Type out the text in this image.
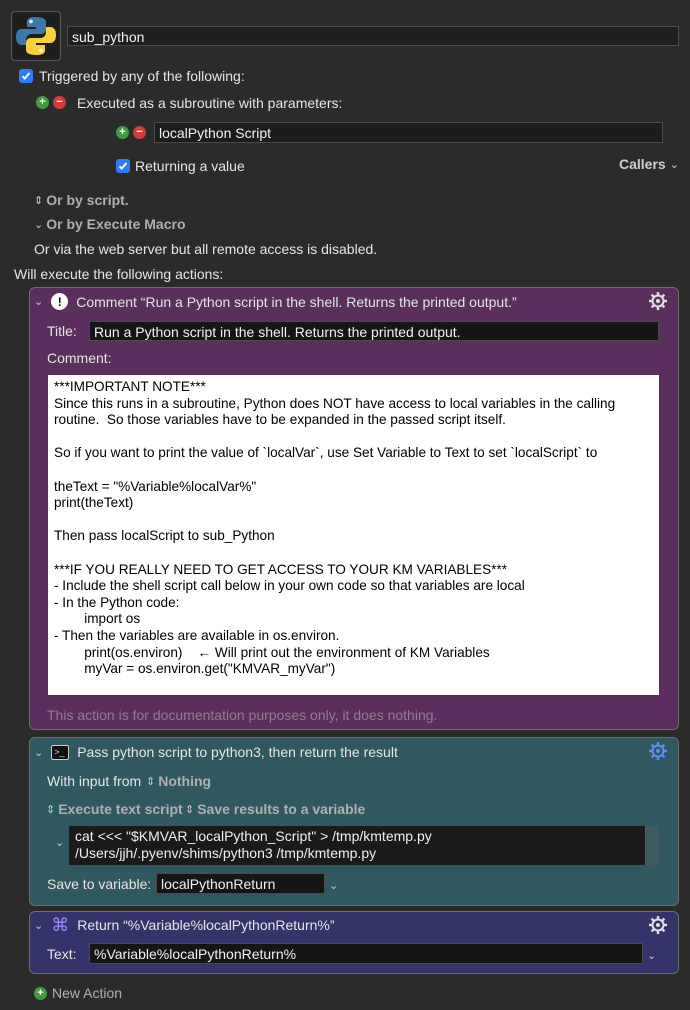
sub_python
Triggered by any of the following:
+ − Executed as a subroutine with parameters:
+ −	localPython Script
Returning a value	Callers ⌄
⇕ Or by script.
⌄ Or by Execute Macro
Or via the web server but all remote access is disabled.
Will execute the following actions:
⌄	!	Comment “Run a Python script in the shell. Returns the printed output.”
Title:	Run a Python script in the shell. Returns the printed output.
Comment:
***IMPORTANT NOTE***
Since this runs in a subroutine, Python does NOT have access to local variables in the calling
routine.  So those variables have to be expanded in the passed script itself.

So if you want to print the value of `localVar`, use Set Variable to Text to set `localScript` to

theText = "%Variable%localVar%"
print(theText)

Then pass localScript to sub_Python

***IF YOU REALLY NEED TO GET ACCESS TO YOUR KM VARIABLES***
- Include the shell script call below in your own code so that variables are local
- In the Python code:
import os
- Then the variables are available in os.environ.
print(os.environ)    ← Will print out the environment of KM Variables
myVar = os.environ.get("KMVAR_myVar")
This action is for documentation purposes only, it does nothing.
⌄	>_ Pass python script to python3, then return the result
With input from ⇕ Nothing
⇕ Execute text script ⇕ Save results to a variable
⌄ cat <<< "$KMVAR_localPython_Script" > /tmp/kmtemp.py
/Users/jjh/.pyenv/shims/python3 /tmp/kmtemp.py
Save to variable: localPythonReturn	⌄
⌄ ⌘ Return “%Variable%localPythonReturn%”
Text:	%Variable%localPythonReturn%	⌄
+ New Action
